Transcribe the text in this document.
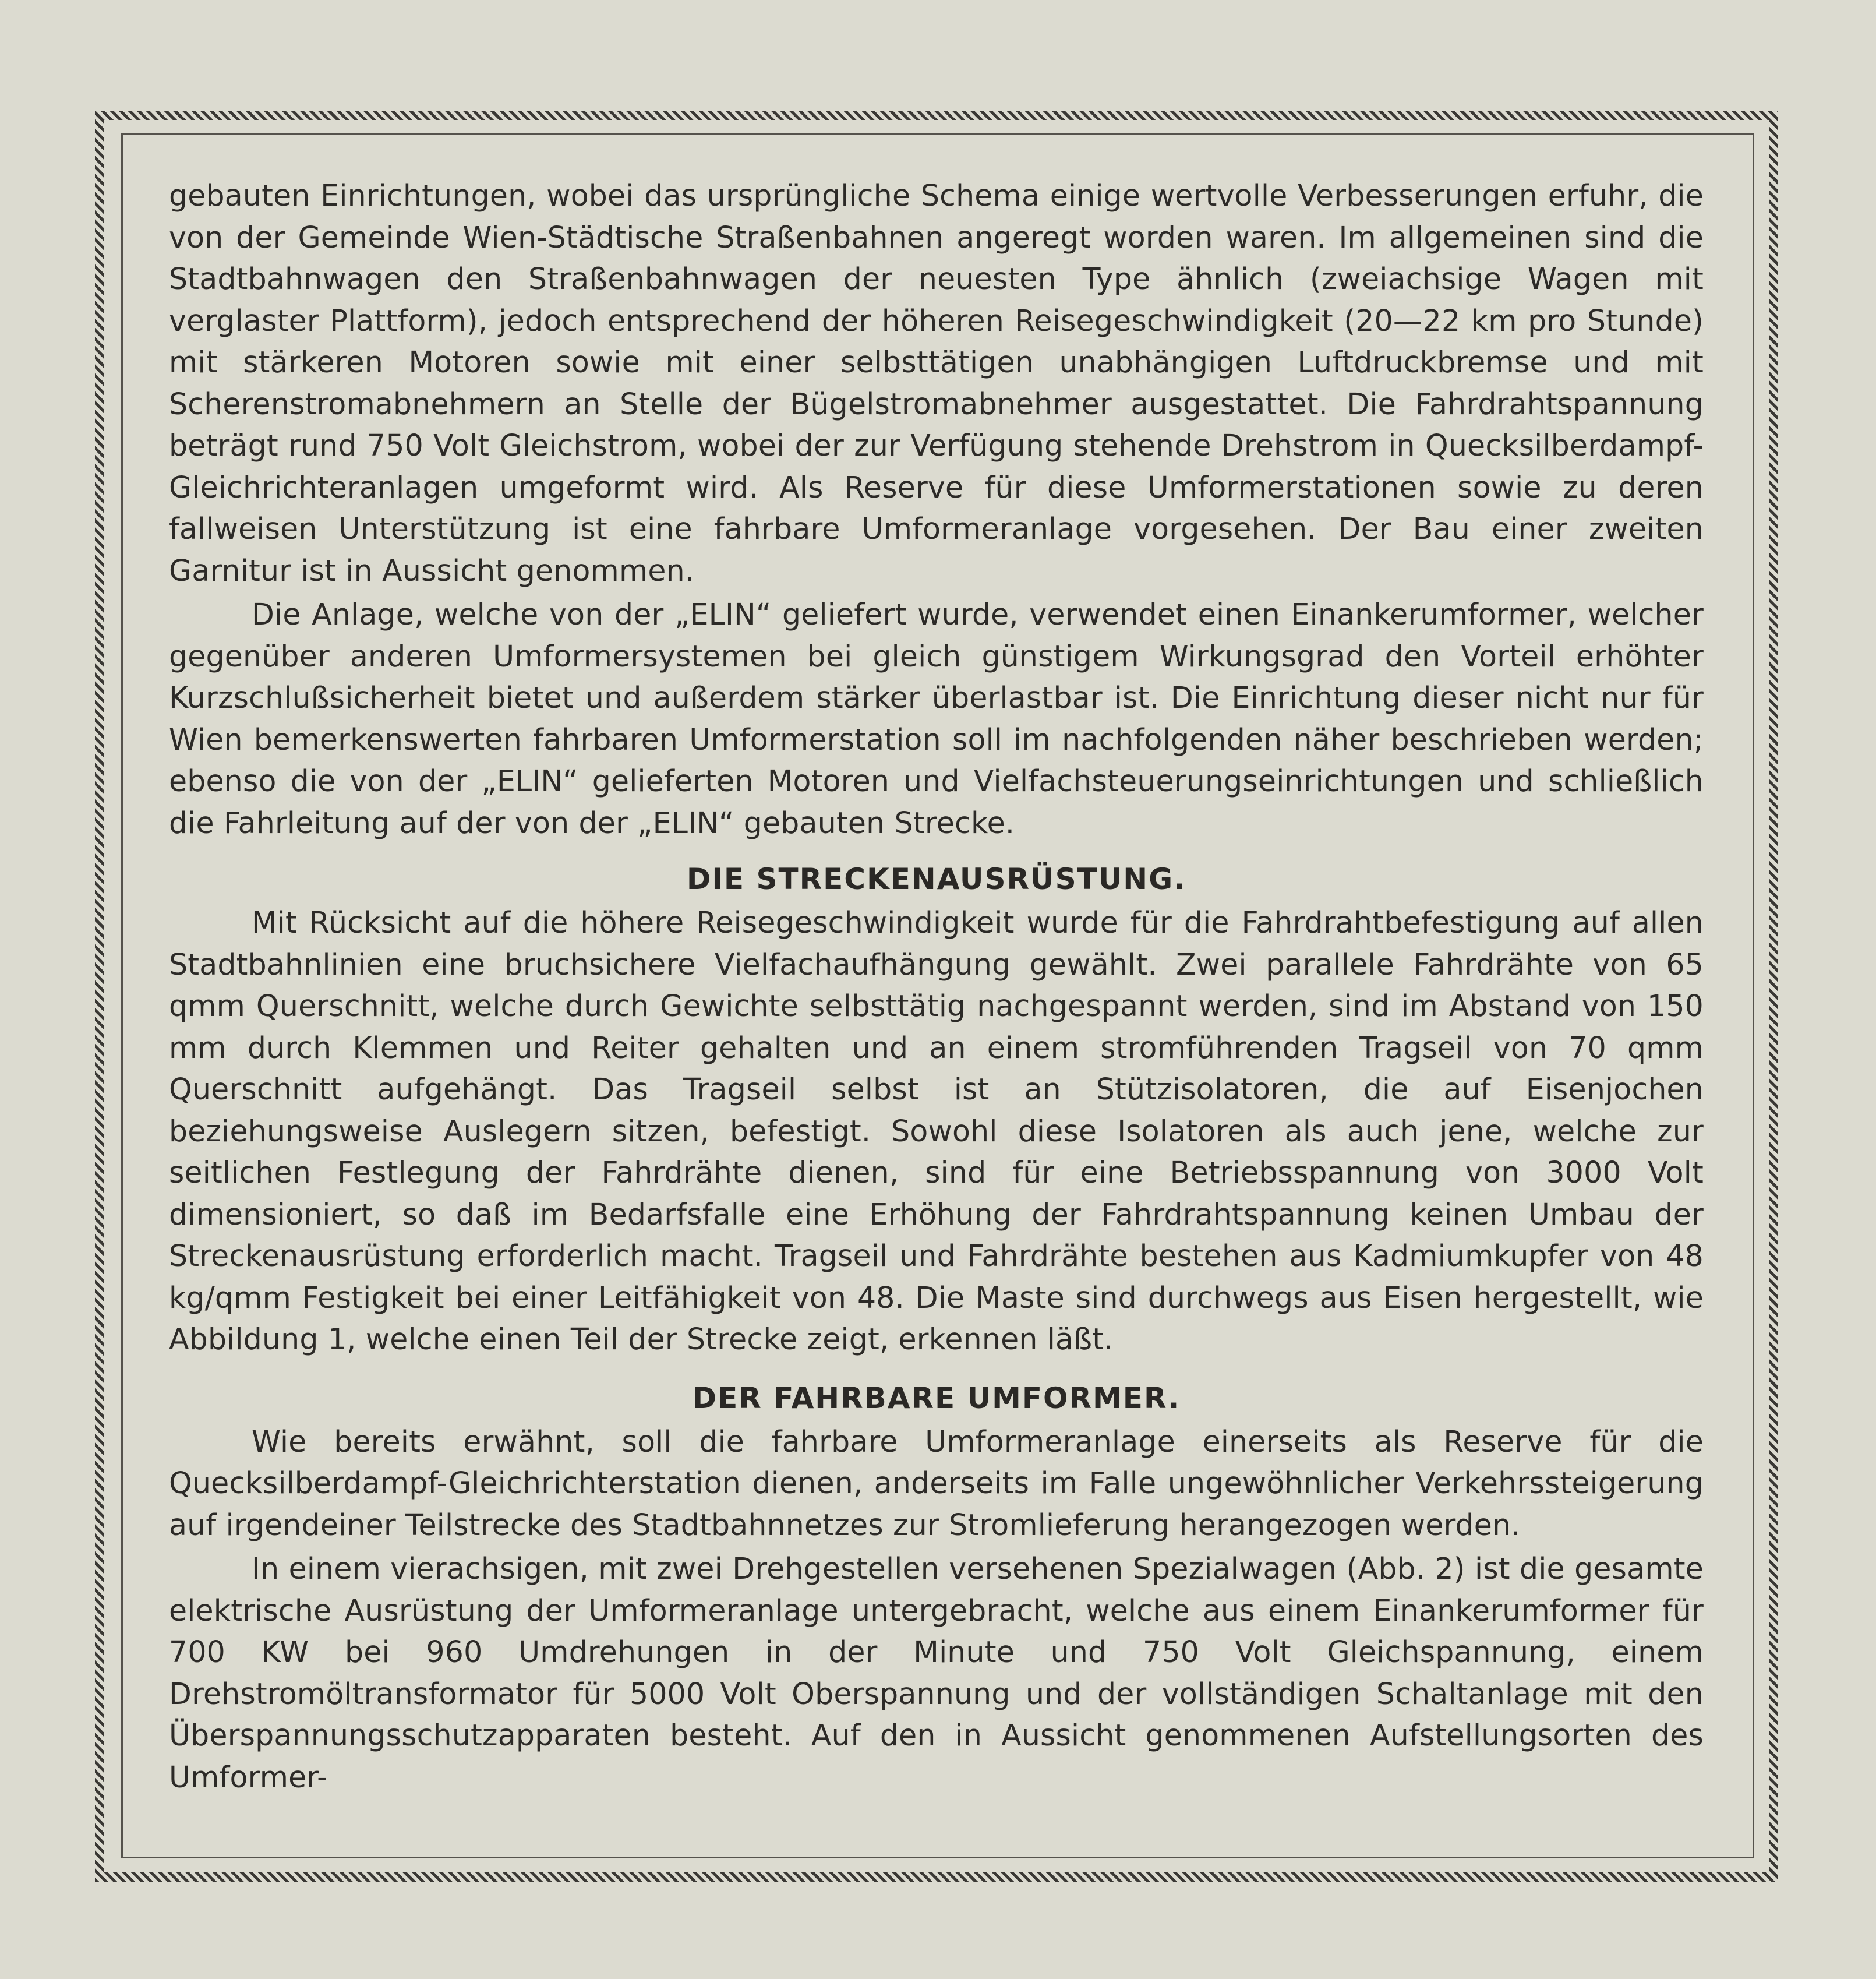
gebauten Einrichtungen, wobei das ursprüngliche Schema einige wertvolle Verbesserungen erfuhr, die von der Gemeinde Wien-Städtische Straßenbahnen angeregt worden waren. Im allgemeinen sind die Stadtbahnwagen den Straßenbahnwagen der neuesten Type ähnlich (zweiachsige Wagen mit verglaster Plattform), jedoch entsprechend der höheren Reisegeschwindigkeit (20—22 km pro Stunde) mit stärkeren Motoren sowie mit einer selbsttätigen unabhängigen Luftdruckbremse und mit Scherenstromabnehmern an Stelle der Bügelstromabnehmer ausgestattet. Die Fahrdrahtspannung beträgt rund 750 Volt Gleichstrom, wobei der zur Verfügung stehende Drehstrom in Quecksilberdampf-Gleichrichteranlagen umgeformt wird. Als Reserve für diese Umformerstationen sowie zu deren fallweisen Unterstützung ist eine fahrbare Umformeranlage vorgesehen. Der Bau einer zweiten Garnitur ist in Aussicht genommen.

Die Anlage, welche von der „ELIN“ geliefert wurde, verwendet einen Einankerumformer, welcher gegenüber anderen Umformersystemen bei gleich günstigem Wirkungsgrad den Vorteil erhöhter Kurzschlußsicherheit bietet und außerdem stärker überlastbar ist. Die Einrichtung dieser nicht nur für Wien bemerkenswerten fahrbaren Umformerstation soll im nachfolgenden näher beschrieben werden; ebenso die von der „ELIN“ gelieferten Motoren und Vielfachsteuerungseinrichtungen und schließlich die Fahrleitung auf der von der „ELIN“ gebauten Strecke.

DIE STRECKENAUSRÜSTUNG.

Mit Rücksicht auf die höhere Reisegeschwindigkeit wurde für die Fahrdrahtbefestigung auf allen Stadtbahnlinien eine bruchsichere Vielfachaufhängung gewählt. Zwei parallele Fahrdrähte von 65 qmm Querschnitt, welche durch Gewichte selbsttätig nachgespannt werden, sind im Abstand von 150 mm durch Klemmen und Reiter gehalten und an einem stromführenden Tragseil von 70 qmm Querschnitt aufgehängt. Das Tragseil selbst ist an Stützisolatoren, die auf Eisenjochen beziehungsweise Auslegern sitzen, befestigt. Sowohl diese Isolatoren als auch jene, welche zur seitlichen Festlegung der Fahrdrähte dienen, sind für eine Betriebsspannung von 3000 Volt dimensioniert, so daß im Bedarfsfalle eine Erhöhung der Fahrdrahtspannung keinen Umbau der Streckenausrüstung erforderlich macht. Tragseil und Fahrdrähte bestehen aus Kadmiumkupfer von 48 kg/qmm Festigkeit bei einer Leitfähigkeit von 48. Die Maste sind durchwegs aus Eisen hergestellt, wie Abbildung 1, welche einen Teil der Strecke zeigt, erkennen läßt.

DER FAHRBARE UMFORMER.

Wie bereits erwähnt, soll die fahrbare Umformeranlage einerseits als Reserve für die Quecksilberdampf-Gleichrichterstation dienen, anderseits im Falle ungewöhnlicher Verkehrssteigerung auf irgendeiner Teilstrecke des Stadtbahnnetzes zur Stromlieferung herangezogen werden.

In einem vierachsigen, mit zwei Drehgestellen versehenen Spezialwagen (Abb. 2) ist die gesamte elektrische Ausrüstung der Umformeranlage untergebracht, welche aus einem Einankerumformer für 700 KW bei 960 Umdrehungen in der Minute und 750 Volt Gleichspannung, einem Drehstromöltransformator für 5000 Volt Oberspannung und der vollständigen Schaltanlage mit den Überspannungsschutzapparaten besteht. Auf den in Aussicht genommenen Aufstellungsorten des Umformer-
